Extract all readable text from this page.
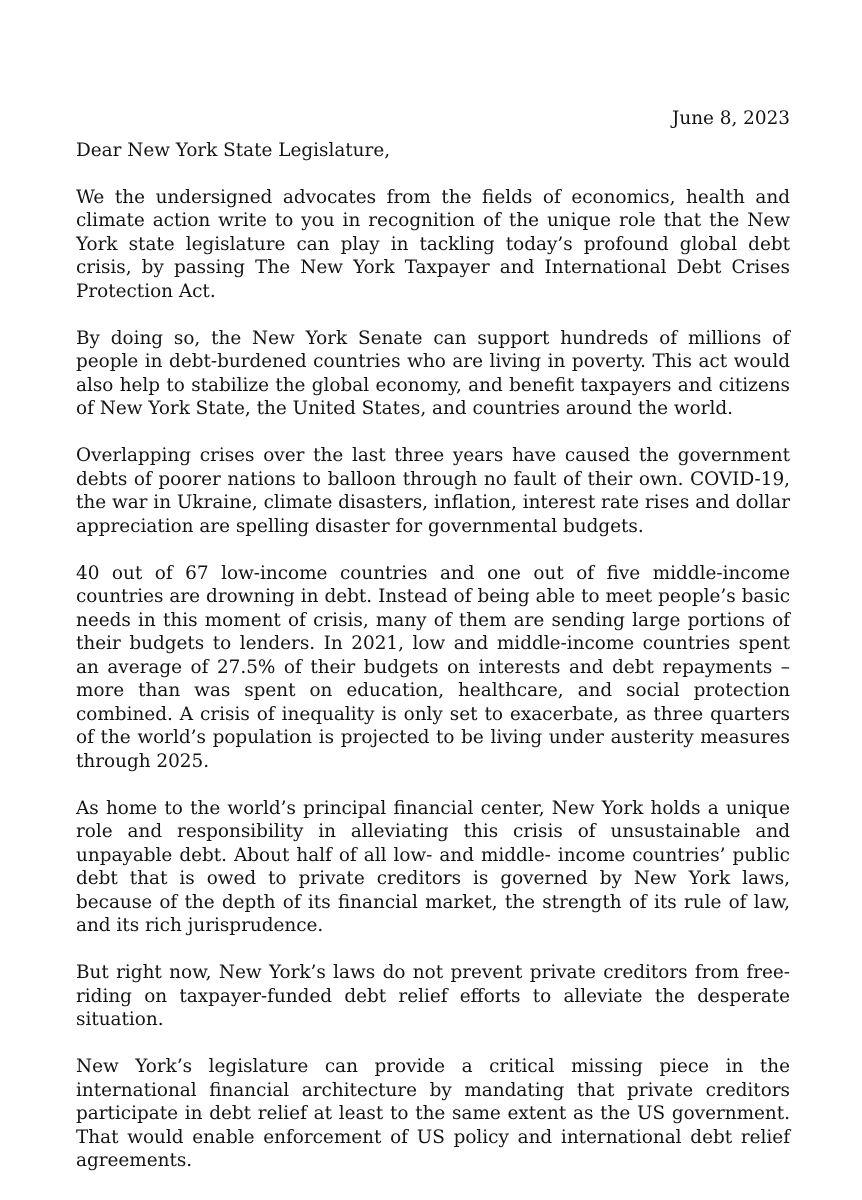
June 8, 2023

Dear New York State Legislature,

We the undersigned advocates from the fields of economics, health and climate action write to you in recognition of the unique role that the New York state legislature can play in tackling today’s profound global debt crisis, by passing The New York Taxpayer and International Debt Crises Protection Act.

By doing so, the New York Senate can support hundreds of millions of people in debt-burdened countries who are living in poverty. This act would also help to stabilize the global economy, and benefit taxpayers and citizens of New York State, the United States, and countries around the world.

Overlapping crises over the last three years have caused the government debts of poorer nations to balloon through no fault of their own. COVID-19, the war in Ukraine, climate disasters, inflation, interest rate rises and dollar appreciation are spelling disaster for governmental budgets.

40 out of 67 low-income countries and one out of five middle-income countries are drowning in debt. Instead of being able to meet people’s basic needs in this moment of crisis, many of them are sending large portions of their budgets to lenders. In 2021, low and middle-income countries spent an average of 27.5% of their budgets on interests and debt repayments – more than was spent on education, healthcare, and social protection combined. A crisis of inequality is only set to exacerbate, as three quarters of the world’s population is projected to be living under austerity measures through 2025.

As home to the world’s principal financial center, New York holds a unique role and responsibility in alleviating this crisis of unsustainable and unpayable debt. About half of all low- and middle- income countries’ public debt that is owed to private creditors is governed by New York laws, because of the depth of its financial market, the strength of its rule of law, and its rich jurisprudence.

But right now, New York’s laws do not prevent private creditors from free-riding on taxpayer-funded debt relief efforts to alleviate the desperate situation.

New York’s legislature can provide a critical missing piece in the international financial architecture by mandating that private creditors participate in debt relief at least to the same extent as the US government. That would enable enforcement of US policy and international debt relief agreements.
